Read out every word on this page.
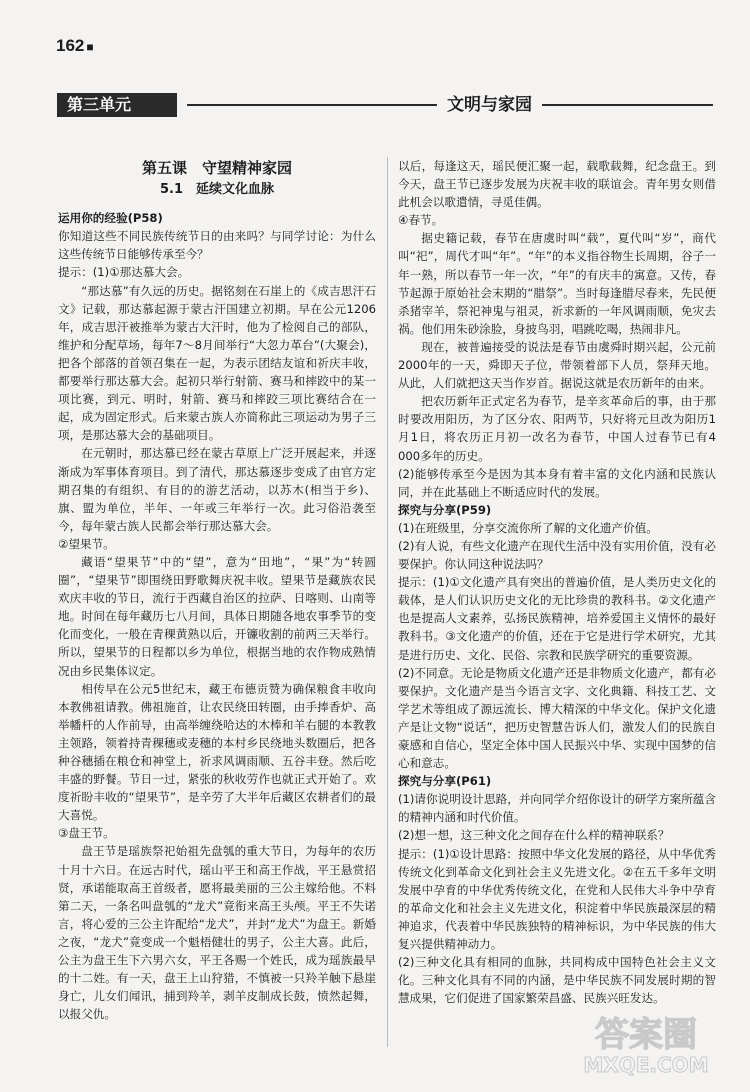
162 ■
第三单元	文明与家园
第五课　守望精神家园
5.1　延续文化血脉

运用你的经验(P58)

你知道这些不同民族传统节日的由来吗？与同学讨论：为什么这些传统节日能够传承至今？

提示：(1)①那达慕大会。

“那达慕”有久远的历史。据铭刻在石崖上的《成吉思汗石文》记载，那达慕起源于蒙古汗国建立初期。早在公元1206年，成吉思汗被推举为蒙古大汗时，他为了检阅自己的部队，维护和分配草场，每年7～8月间举行“大忽力革台”(大聚会)，把各个部落的首领召集在一起，为表示团结友谊和祈庆丰收，都要举行那达慕大会。起初只举行射箭、赛马和摔跤中的某一项比赛，到元、明时，射箭、赛马和摔跤三项比赛结合在一起，成为固定形式。后来蒙古族人亦简称此三项运动为男子三项，是那达慕大会的基础项目。

在元朝时，那达慕已经在蒙古草原上广泛开展起来，并逐渐成为军事体育项目。到了清代，那达慕逐步变成了由官方定期召集的有组织、有目的的游艺活动，以苏木(相当于乡)、旗、盟为单位，半年、一年或三年举行一次。此习俗沿袭至今，每年蒙古族人民都会举行那达慕大会。

②望果节。

藏语“望果节”中的“望”，意为“田地”，“果”为“转圆圈”，“望果节”即围绕田野歌舞庆祝丰收。望果节是藏族农民欢庆丰收的节日，流行于西藏自治区的拉萨、日喀则、山南等地。时间在每年藏历七八月间，具体日期随各地农事季节的变化而变化，一般在青稞黄熟以后，开镰收割的前两三天举行。所以，望果节的日程都以乡为单位，根据当地的农作物成熟情况由乡民集体议定。

相传早在公元5世纪末，藏王布德贡赞为确保粮食丰收向本教佛祖请教。佛祖施首，让农民绕田转圈，由手捧香炉、高举幡杆的人作前导，由高举缠绕哈达的木棒和羊右腿的本教教主领路，领着持青稞穗或麦穗的本村乡民绕地头数圈后，把各种谷穗插在粮仓和神堂上，祈求风调雨顺、五谷丰登。然后吃丰盛的野餐。节日一过，紧张的秋收劳作也就正式开始了。欢度祈盼丰收的“望果节”，是辛劳了大半年后藏区农耕者们的最大喜悦。

③盘王节。

盘王节是瑶族祭祀始祖先盘瓠的重大节日，为每年的农历十月十六日。在远古时代，瑶山平王和高王作战，平王悬赏招贤，承诺能取高王首级者，愿将最美丽的三公主嫁给他。不料第二天，一条名叫盘瓠的“龙犬”竟衔来高王头颅。平王不失诺言，将心爱的三公主许配给“龙犬”，并封“龙犬”为盘王。新婚之夜，“龙犬”竟变成一个魁梧健壮的男子，公主大喜。此后，公主为盘王生下六男六女，平王各赐一个姓氏，成为瑶族最早的十二姓。有一天，盘王上山狩猎，不慎被一只羚羊触下悬崖身亡，儿女们闻讯，捕到羚羊，剥羊皮制成长鼓，愤然起舞，以报父仇。

以后，每逢这天，瑶民便汇聚一起，载歌载舞，纪念盘王。到今天，盘王节已逐步发展为庆祝丰收的联谊会。青年男女则借此机会以歌遣情，寻觅佳偶。

④春节。

据史籍记载，春节在唐虞时叫“载”，夏代叫“岁”，商代叫“祀”，周代才叫“年”。“年”的本义指谷物生长周期，谷子一年一熟，所以春节一年一次，“年”的有庆丰的寓意。又传，春节起源于原始社会末期的“腊祭”。当时每逢腊尽春来，先民便杀猪宰羊，祭祀神鬼与祖灵，祈求新的一年风调雨顺，免灾去祸。他们用朱砂涂脸，身披鸟羽，唱跳吃喝，热闹非凡。

现在，被普遍接受的说法是春节由虞舜时期兴起，公元前2000年的一天，舜即天子位，带领着部下人员，祭拜天地。从此，人们就把这天当作岁首。据说这就是农历新年的由来。

把农历新年正式定名为春节，是辛亥革命后的事，由于那时要改用阳历，为了区分农、阳两节，只好将元旦改为阳历1月1日，将农历正月初一改名为春节，中国人过春节已有4 000多年的历史。

(2)能够传承至今是因为其本身有着丰富的文化内涵和民族认同，并在此基础上不断适应时代的发展。

探究与分享(P59)

(1)在班级里，分享交流你所了解的文化遗产价值。

(2)有人说，有些文化遗产在现代生活中没有实用价值，没有必要保护。你认同这种说法吗？

提示：(1)①文化遗产具有突出的普遍价值，是人类历史文化的载体，是人们认识历史文化的无比珍贵的教科书。②文化遗产也是提高人文素养，弘扬民族精神，培养爱国主义情怀的最好教科书。③文化遗产的价值，还在于它是进行学术研究，尤其是进行历史、文化、民俗、宗教和民族学研究的重要资源。

(2)不同意。无论是物质文化遗产还是非物质文化遗产，都有必要保护。文化遗产是当今语言文字、文化典籍、科技工艺、文学艺术等组成了源远流长、博大精深的中华文化。保护文化遗产是让文物“说话”，把历史智慧告诉人们，激发人们的民族自豪感和自信心，坚定全体中国人民振兴中华、实现中国梦的信心和意志。

探究与分享(P61)

(1)请你说明设计思路，并向同学介绍你设计的研学方案所蕴含的精神内涵和时代价值。

(2)想一想，这三种文化之间存在什么样的精神联系？

提示：(1)①设计思路：按照中华文化发展的路径，从中华优秀传统文化到革命文化到社会主义先进文化。②在五千多年文明发展中孕育的中华优秀传统文化，在党和人民伟大斗争中孕育的革命文化和社会主义先进文化，积淀着中华民族最深层的精神追求，代表着中华民族独特的精神标识，为中华民族的伟大复兴提供精神动力。

(2)三种文化具有相同的血脉，共同构成中国特色社会主义文化。三种文化具有不同的内涵，是中华民族不同发展时期的智慧成果，它们促进了国家繁荣昌盛、民族兴旺发达。

答案圈
MXQE.COM
